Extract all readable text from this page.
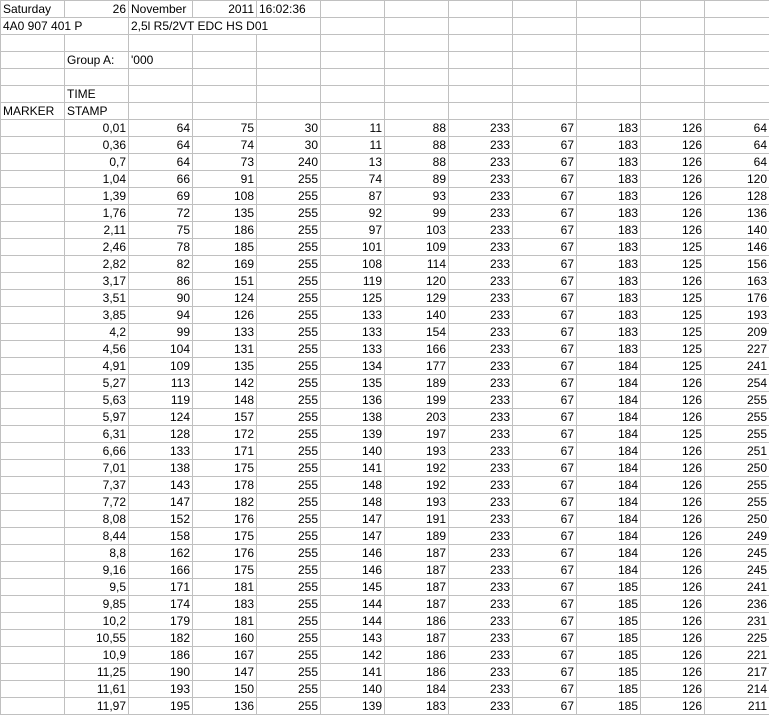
Saturday	26	November	2011	16:02:36							
4A0 907 401 P		2,5l R5/2VT EDC HS D01									

	Group A:	'000									

	TIME										
MARKER	STAMP										
	0,01	64	75	30	11	88	233	67	183	126	64
	0,36	64	74	30	11	88	233	67	183	126	64
	0,7	64	73	240	13	88	233	67	183	126	64
	1,04	66	91	255	74	89	233	67	183	126	120
	1,39	69	108	255	87	93	233	67	183	126	128
	1,76	72	135	255	92	99	233	67	183	126	136
	2,11	75	186	255	97	103	233	67	183	126	140
	2,46	78	185	255	101	109	233	67	183	125	146
	2,82	82	169	255	108	114	233	67	183	125	156
	3,17	86	151	255	119	120	233	67	183	126	163
	3,51	90	124	255	125	129	233	67	183	125	176
	3,85	94	126	255	133	140	233	67	183	125	193
	4,2	99	133	255	133	154	233	67	183	125	209
	4,56	104	131	255	133	166	233	67	183	125	227
	4,91	109	135	255	134	177	233	67	184	125	241
	5,27	113	142	255	135	189	233	67	184	126	254
	5,63	119	148	255	136	199	233	67	184	126	255
	5,97	124	157	255	138	203	233	67	184	126	255
	6,31	128	172	255	139	197	233	67	184	125	255
	6,66	133	171	255	140	193	233	67	184	126	251
	7,01	138	175	255	141	192	233	67	184	126	250
	7,37	143	178	255	148	192	233	67	184	126	255
	7,72	147	182	255	148	193	233	67	184	126	255
	8,08	152	176	255	147	191	233	67	184	126	250
	8,44	158	175	255	147	189	233	67	184	126	249
	8,8	162	176	255	146	187	233	67	184	126	245
	9,16	166	175	255	146	187	233	67	184	126	245
	9,5	171	181	255	145	187	233	67	185	126	241
	9,85	174	183	255	144	187	233	67	185	126	236
	10,2	179	181	255	144	186	233	67	185	126	231
	10,55	182	160	255	143	187	233	67	185	126	225
	10,9	186	167	255	142	186	233	67	185	126	221
	11,25	190	147	255	141	186	233	67	185	126	217
	11,61	193	150	255	140	184	233	67	185	126	214
	11,97	195	136	255	139	183	233	67	185	126	211
